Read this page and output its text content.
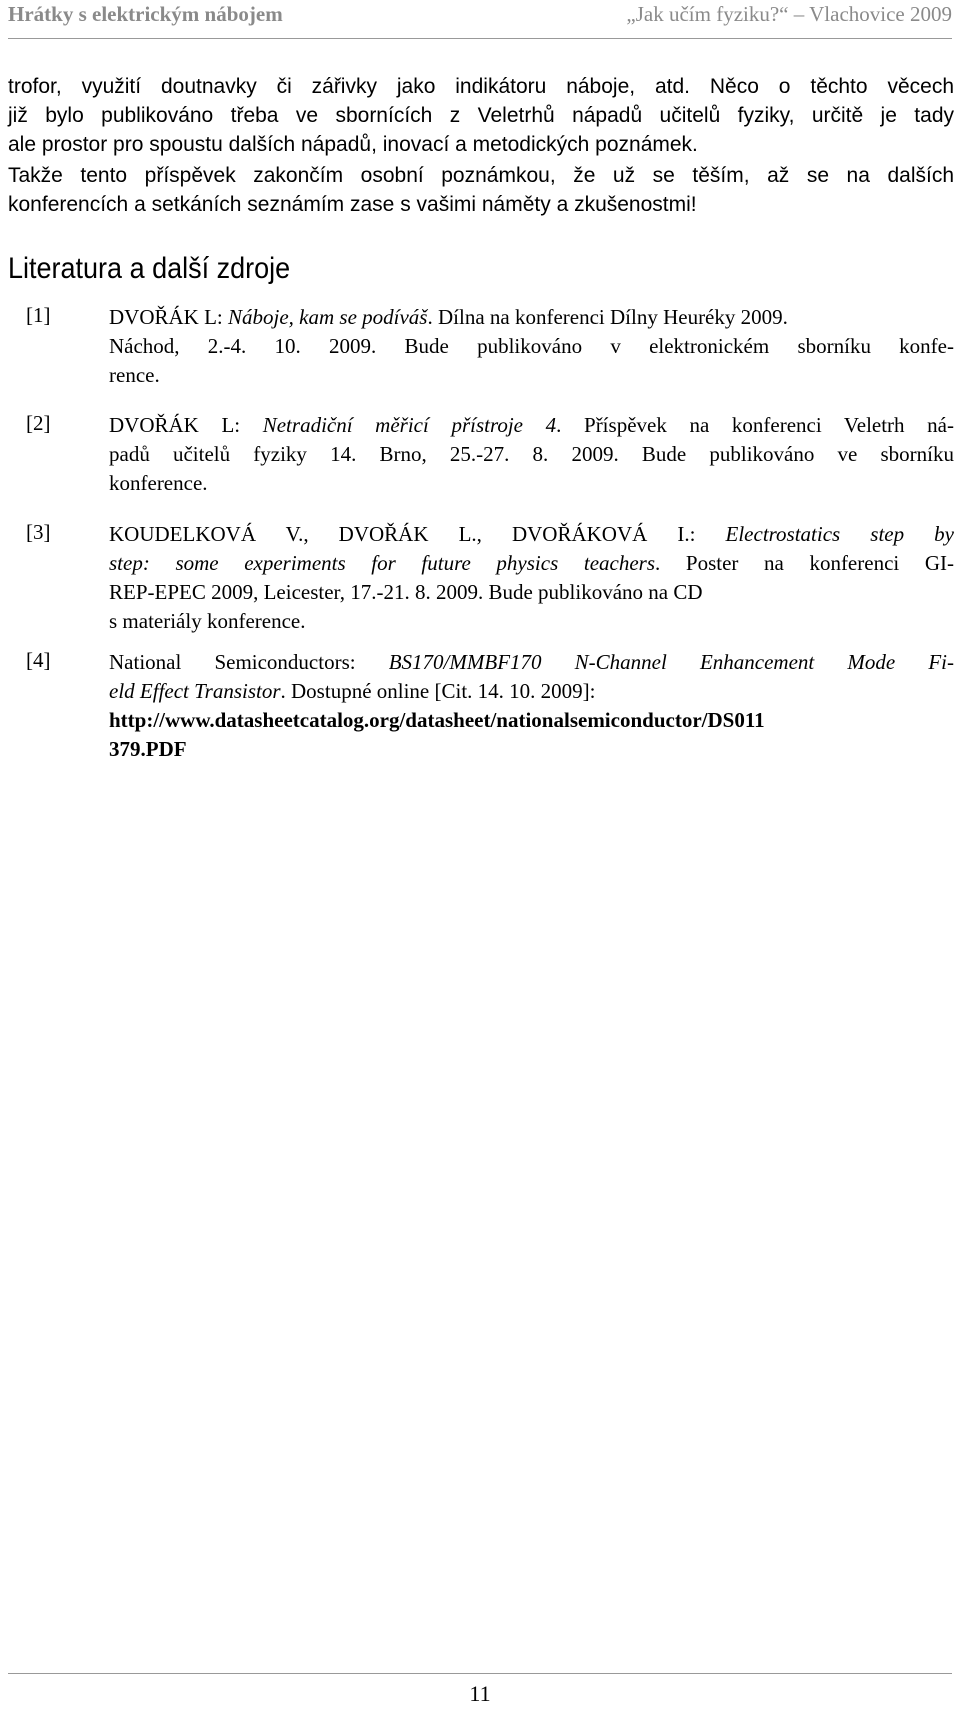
Hrátky s elektrickým nábojem	„Jak učím fyziku?“ – Vlachovice 2009
trofor, využití doutnavky či zářivky jako indikátoru náboje, atd. Něco o těchto věcech
již bylo publikováno třeba ve sbornících z Veletrhů nápadů učitelů fyziky, určitě je tady
ale prostor pro spoustu dalších nápadů, inovací a metodických poznámek.
Takže tento příspěvek zakončím osobní poznámkou, že už se těším, až se na dalších
konferencích a setkáních seznámím zase s vašimi náměty a zkušenostmi!
Literatura a další zdroje
[1]	DVOŘÁK L: Náboje, kam se podíváš. Dílna na konferenci Dílny Heuréky 2009.
Náchod, 2.-4. 10. 2009. Bude publikováno v elektronickém sborníku konfe-
rence.
[2]	DVOŘÁK L: Netradiční měřicí přístroje 4. Příspěvek na konferenci Veletrh ná-
padů učitelů fyziky 14. Brno, 25.-27. 8. 2009. Bude publikováno ve sborníku
konference.
[3]	KOUDELKOVÁ V., DVOŘÁK L., DVOŘÁKOVÁ I.: Electrostatics step by
step: some experiments for future physics teachers. Poster na konferenci GI-
REP-EPEC 2009, Leicester, 17.-21. 8. 2009. Bude publikováno na CD
s materiály konference.
[4]	National Semiconductors: BS170/MMBF170 N-Channel Enhancement Mode Fi-
eld Effect Transistor. Dostupné online [Cit. 14. 10. 2009]:
http://www.datasheetcatalog.org/datasheet/nationalsemiconductor/DS011
379.PDF
11
